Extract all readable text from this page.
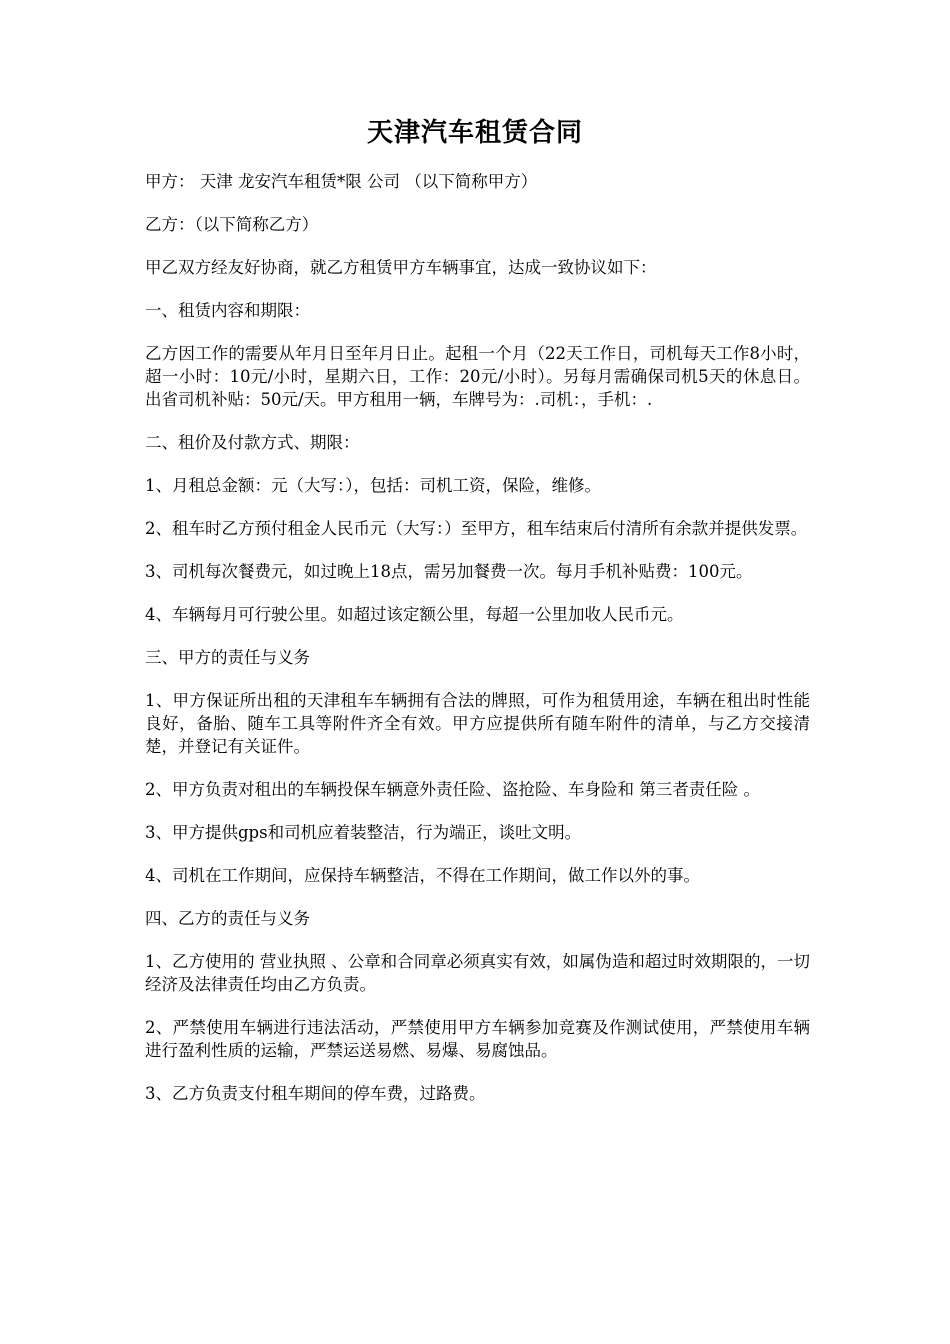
天津汽车租赁合同

甲方： 天津 龙安汽车租赁*限 公司 （以下简称甲方）

乙方：（以下简称乙方）

甲乙双方经友好协商，就乙方租赁甲方车辆事宜，达成一致协议如下：

一、租赁内容和期限：

乙方因工作的需要从年月日至年月日止。起租一个月（22天工作日，司机每天工作8小时，超一小时：10元/小时，星期六日，工作：20元/小时）。另每月需确保司机5天的休息日。出省司机补贴：50元/天。甲方租用一辆，车牌号为：.司机：，手机：.

二、租价及付款方式、期限：

1、月租总金额：元（大写：），包括：司机工资，保险，维修。

2、租车时乙方预付租金人民币元（大写：）至甲方，租车结束后付清所有余款并提供发票。

3、司机每次餐费元，如过晚上18点，需另加餐费一次。每月手机补贴费：100元。

4、车辆每月可行驶公里。如超过该定额公里，每超一公里加收人民币元。

三、甲方的责任与义务

1、甲方保证所出租的天津租车车辆拥有合法的牌照，可作为租赁用途，车辆在租出时性能良好，备胎、随车工具等附件齐全有效。甲方应提供所有随车附件的清单，与乙方交接清楚，并登记有关证件。

2、甲方负责对租出的车辆投保车辆意外责任险、盗抢险、车身险和 第三者责任险 。

3、甲方提供gps和司机应着装整洁，行为端正，谈吐文明。

4、司机在工作期间，应保持车辆整洁，不得在工作期间，做工作以外的事。

四、乙方的责任与义务

1、乙方使用的 营业执照 、公章和合同章必须真实有效，如属伪造和超过时效期限的，一切经济及法律责任均由乙方负责。

2、严禁使用车辆进行违法活动，严禁使用甲方车辆参加竞赛及作测试使用，严禁使用车辆进行盈利性质的运输，严禁运送易燃、易爆、易腐蚀品。

3、乙方负责支付租车期间的停车费，过路费。
